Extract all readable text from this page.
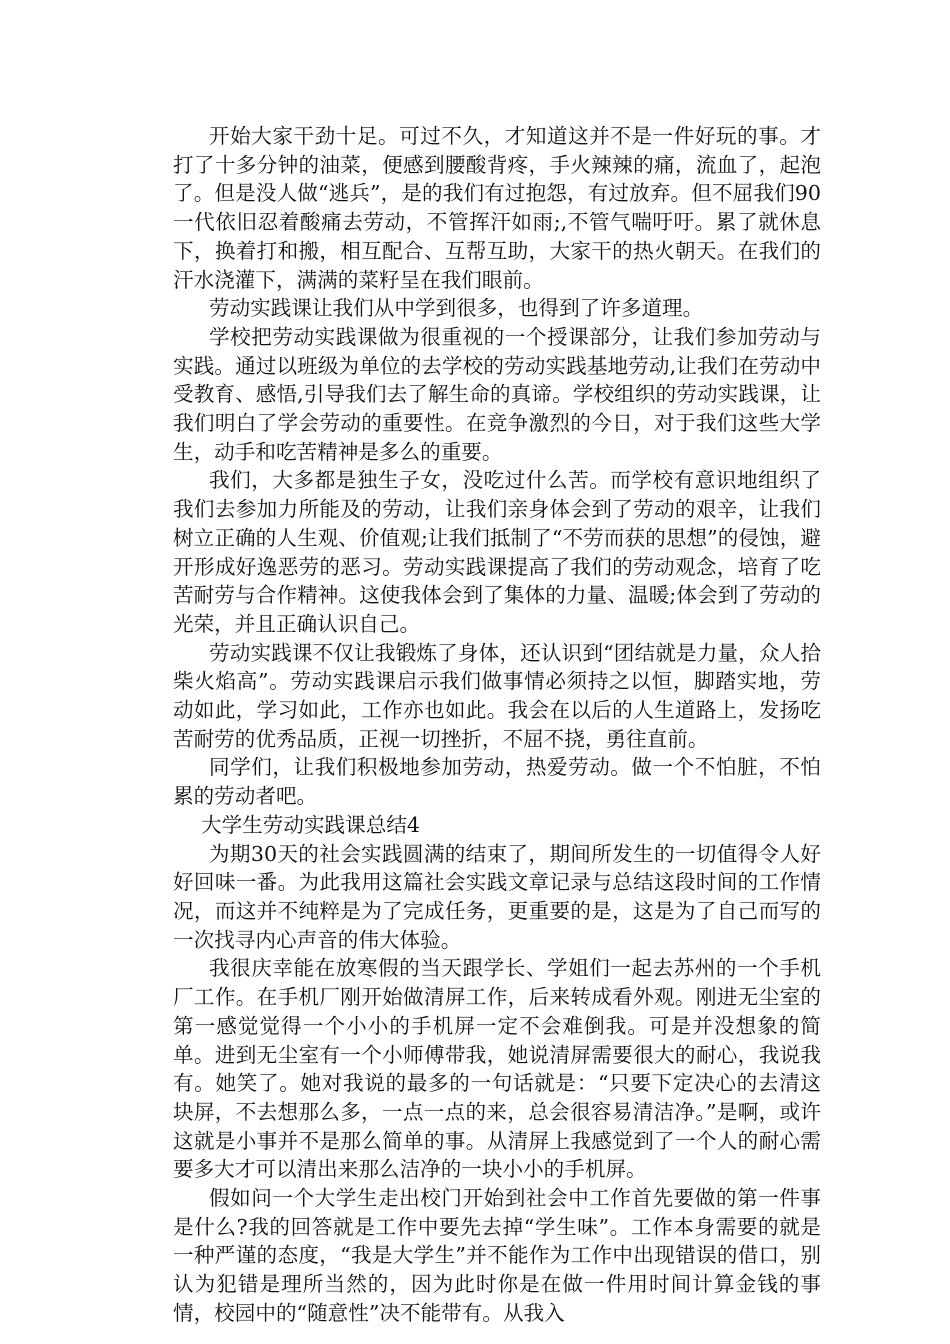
开始大家干劲十足。可过不久，才知道这并不是一件好玩的事。才打了十多分钟的油菜，便感到腰酸背疼，手火辣辣的痛，流血了，起泡了。但是没人做“逃兵”，是的我们有过抱怨，有过放弃。但不屈我们90一代依旧忍着酸痛去劳动，不管挥汗如雨;,不管气喘吁吁。累了就休息下，换着打和搬，相互配合、互帮互助，大家干的热火朝天。在我们的汗水浇灌下，满满的菜籽呈在我们眼前。

劳动实践课让我们从中学到很多，也得到了许多道理。

学校把劳动实践课做为很重视的一个授课部分，让我们参加劳动与实践。通过以班级为单位的去学校的劳动实践基地劳动,让我们在劳动中受教育、感悟,引导我们去了解生命的真谛。学校组织的劳动实践课，让我们明白了学会劳动的重要性。在竞争激烈的今日，对于我们这些大学生，动手和吃苦精神是多么的重要。

我们，大多都是独生子女，没吃过什么苦。而学校有意识地组织了我们去参加力所能及的劳动，让我们亲身体会到了劳动的艰辛，让我们树立正确的人生观、价值观;让我们抵制了“不劳而获的思想”的侵蚀，避开形成好逸恶劳的恶习。劳动实践课提高了我们的劳动观念，培育了吃苦耐劳与合作精神。这使我体会到了集体的力量、温暖;体会到了劳动的光荣，并且正确认识自己。

劳动实践课不仅让我锻炼了身体，还认识到“团结就是力量，众人拾柴火焰高”。劳动实践课启示我们做事情必须持之以恒，脚踏实地，劳动如此，学习如此，工作亦也如此。我会在以后的人生道路上，发扬吃苦耐劳的优秀品质，正视一切挫折，不屈不挠，勇往直前。

同学们，让我们积极地参加劳动，热爱劳动。做一个不怕脏，不怕累的劳动者吧。

大学生劳动实践课总结4

为期30天的社会实践圆满的结束了，期间所发生的一切值得令人好好回味一番。为此我用这篇社会实践文章记录与总结这段时间的工作情况，而这并不纯粹是为了完成任务，更重要的是，这是为了自己而写的一次找寻内心声音的伟大体验。

我很庆幸能在放寒假的当天跟学长、学姐们一起去苏州的一个手机厂工作。在手机厂刚开始做清屏工作，后来转成看外观。刚进无尘室的第一感觉觉得一个小小的手机屏一定不会难倒我。可是并没想象的简单。进到无尘室有一个小师傅带我，她说清屏需要很大的耐心，我说我有。她笑了。她对我说的最多的一句话就是：“只要下定决心的去清这块屏，不去想那么多，一点一点的来，总会很容易清洁净。”是啊，或许这就是小事并不是那么简单的事。从清屏上我感觉到了一个人的耐心需要多大才可以清出来那么洁净的一块小小的手机屏。

假如问一个大学生走出校门开始到社会中工作首先要做的第一件事是什么?我的回答就是工作中要先去掉“学生味”。工作本身需要的就是一种严谨的态度，“我是大学生”并不能作为工作中出现错误的借口，别认为犯错是理所当然的，因为此时你是在做一件用时间计算金钱的事情，校园中的“随意性”决不能带有。从我入
